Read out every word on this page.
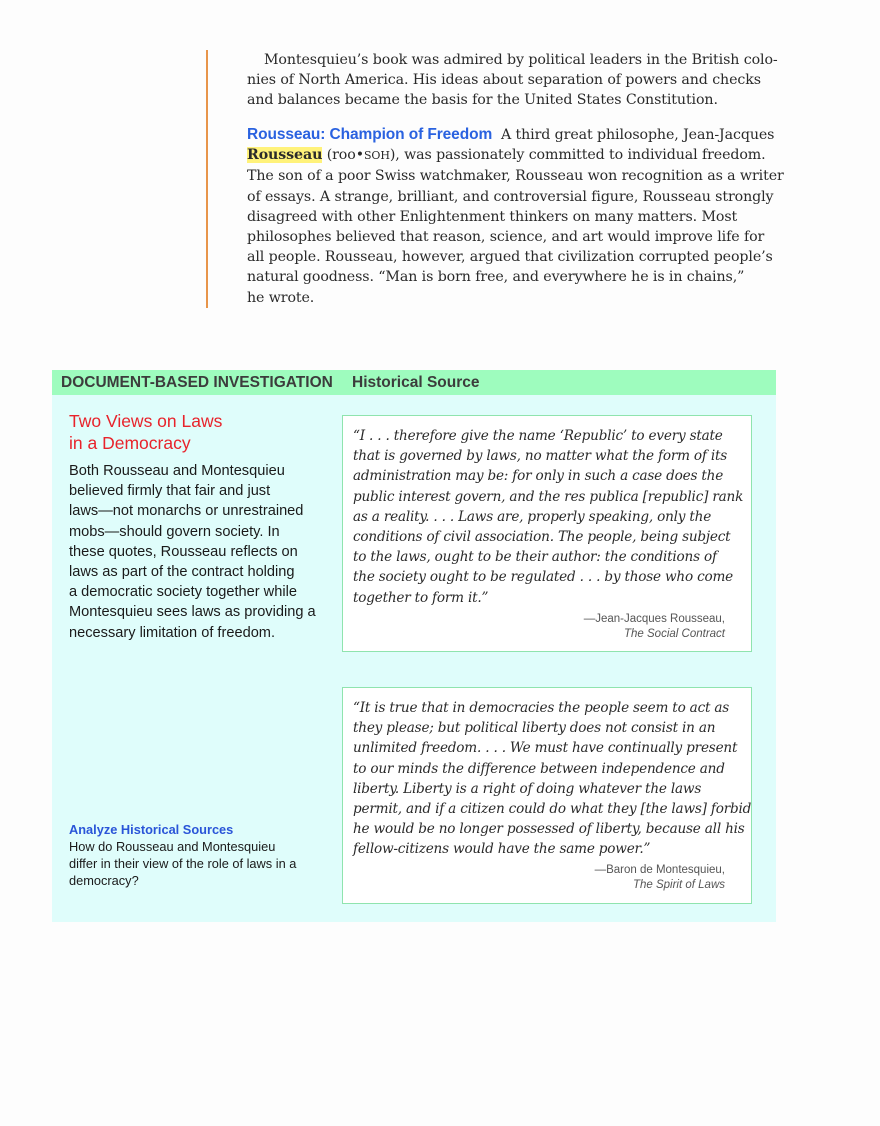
Montesquieu’s book was admired by political leaders in the British colo-
nies of North America. His ideas about separation of powers and checks
and balances became the basis for the United States Constitution.
Rousseau: Champion of Freedom A third great philosophe, Jean-Jacques
Rousseau (roo•SOH), was passionately committed to individual freedom.
The son of a poor Swiss watchmaker, Rousseau won recognition as a writer
of essays. A strange, brilliant, and controversial figure, Rousseau strongly
disagreed with other Enlightenment thinkers on many matters. Most
philosophes believed that reason, science, and art would improve life for
all people. Rousseau, however, argued that civilization corrupted people’s
natural goodness. “Man is born free, and everywhere he is in chains,”
he wrote.
DOCUMENT-BASED INVESTIGATION Historical Source
Two Views on Laws
in a Democracy
Both Rousseau and Montesquieu
believed firmly that fair and just
laws—not monarchs or unrestrained
mobs—should govern society. In
these quotes, Rousseau reflects on
laws as part of the contract holding
a democratic society together while
Montesquieu sees laws as providing a
necessary limitation of freedom.
Analyze Historical Sources
How do Rousseau and Montesquieu
differ in their view of the role of laws in a
democracy?
“I . . . therefore give the name ‘Republic’ to every state
that is governed by laws, no matter what the form of its
administration may be: for only in such a case does the
public interest govern, and the res publica [republic] rank
as a reality. . . . Laws are, properly speaking, only the
conditions of civil association. The people, being subject
to the laws, ought to be their author: the conditions of
the society ought to be regulated . . . by those who come
together to form it.”
—Jean-Jacques Rousseau,
The Social Contract
“It is true that in democracies the people seem to act as
they please; but political liberty does not consist in an
unlimited freedom. . . . We must have continually present
to our minds the difference between independence and
liberty. Liberty is a right of doing whatever the laws
permit, and if a citizen could do what they [the laws] forbid
he would be no longer possessed of liberty, because all his
fellow-citizens would have the same power.”
—Baron de Montesquieu,
The Spirit of Laws
